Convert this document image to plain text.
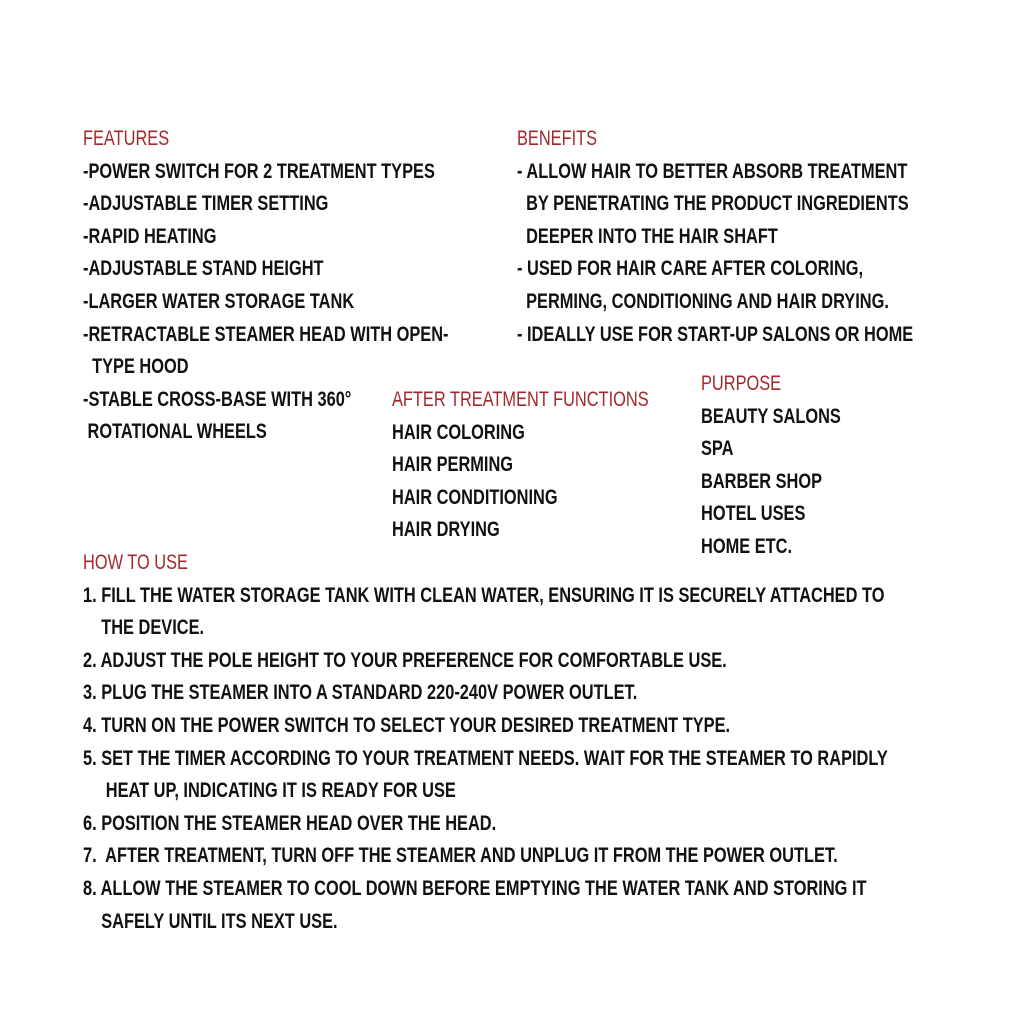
FEATURES
-POWER SWITCH FOR 2 TREATMENT TYPES
-ADJUSTABLE TIMER SETTING
-RAPID HEATING
-ADJUSTABLE STAND HEIGHT
-LARGER WATER STORAGE TANK
-RETRACTABLE STEAMER HEAD WITH OPEN-
TYPE HOOD
-STABLE CROSS-BASE WITH 360°
ROTATIONAL WHEELS
BENEFITS
- ALLOW HAIR TO BETTER ABSORB TREATMENT
BY PENETRATING THE PRODUCT INGREDIENTS
DEEPER INTO THE HAIR SHAFT
- USED FOR HAIR CARE AFTER COLORING,
PERMING, CONDITIONING AND HAIR DRYING.
- IDEALLY USE FOR START-UP SALONS OR HOME
AFTER TREATMENT FUNCTIONS
HAIR COLORING
HAIR PERMING
HAIR CONDITIONING
HAIR DRYING
PURPOSE
BEAUTY SALONS
SPA
BARBER SHOP
HOTEL USES
HOME ETC.
HOW TO USE
1. FILL THE WATER STORAGE TANK WITH CLEAN WATER, ENSURING IT IS SECURELY ATTACHED TO
THE DEVICE.
2. ADJUST THE POLE HEIGHT TO YOUR PREFERENCE FOR COMFORTABLE USE.
3. PLUG THE STEAMER INTO A STANDARD 220-240V POWER OUTLET.
4. TURN ON THE POWER SWITCH TO SELECT YOUR DESIRED TREATMENT TYPE.
5. SET THE TIMER ACCORDING TO YOUR TREATMENT NEEDS. WAIT FOR THE STEAMER TO RAPIDLY
HEAT UP, INDICATING IT IS READY FOR USE
6. POSITION THE STEAMER HEAD OVER THE HEAD.
7.  AFTER TREATMENT, TURN OFF THE STEAMER AND UNPLUG IT FROM THE POWER OUTLET.
8. ALLOW THE STEAMER TO COOL DOWN BEFORE EMPTYING THE WATER TANK AND STORING IT
SAFELY UNTIL ITS NEXT USE.
